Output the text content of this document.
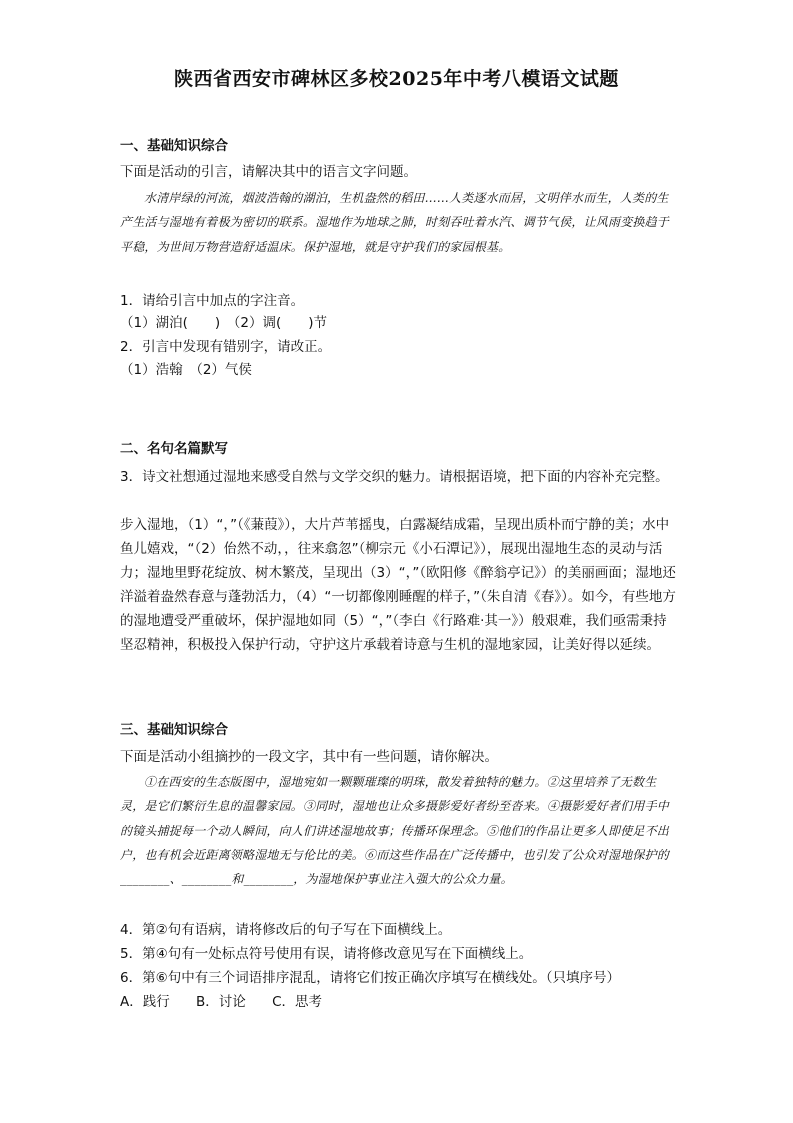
陕西省西安市碑林区多校2025年中考八模语文试题
一、基础知识综合
下面是活动的引言，请解决其中的语言文字问题。
水清岸绿的河流，烟波浩翰的湖泊，生机盎然的稻田……人类逐水而居，文明伴水而生，人类的生产生活与湿地有着极为密切的联系。湿地作为地球之肺，时刻吞吐着水汽、调节气侯，让风雨变换趋于平稳，为世间万物营造舒适温床。保护湿地，就是守护我们的家园根基。
1．请给引言中加点的字注音。
（1）湖泊(　　)　（2）调(　　)节
2．引言中发现有错别字，请改正。
（1）浩翰　（2）气侯
二、名句名篇默写
3．诗文社想通过湿地来感受自然与文学交织的魅力。请根据语境，把下面的内容补充完整。
步入湿地，（1）“，”（《蒹葭》），大片芦苇摇曳，白露凝结成霜，呈现出质朴而宁静的美；水中鱼儿嬉戏，“（2）佁然不动，，往来翕忽”（柳宗元《小石潭记》），展现出湿地生态的灵动与活力；湿地里野花绽放、树木繁茂，呈现出（3）“，”（欧阳修《醉翁亭记》）的美丽画面；湿地还洋溢着盎然春意与蓬勃活力，（4）“一切都像刚睡醒的样子，”（朱自清《春》）。如今，有些地方的湿地遭受严重破坏，保护湿地如同（5）“，”（李白《行路难·其一》）般艰难，我们亟需秉持坚忍精神，积极投入保护行动，守护这片承载着诗意与生机的湿地家园，让美好得以延续。
三、基础知识综合
下面是活动小组摘抄的一段文字，其中有一些问题，请你解决。
①在西安的生态版图中，湿地宛如一颗颗璀璨的明珠，散发着独特的魅力。②这里培养了无数生灵，是它们繁衍生息的温馨家园。③同时，湿地也让众多摄影爱好者纷至沓来。④摄影爱好者们用手中的镜头捕捉每一个动人瞬间，向人们讲述湿地故事；传播环保理念。⑤他们的作品让更多人即使足不出户，也有机会近距离领略湿地无与伦比的美。⑥而这些作品在广泛传播中，也引发了公众对湿地保护的________、________和________，为湿地保护事业注入强大的公众力量。
4．第②句有语病，请将修改后的句子写在下面横线上。
5．第④句有一处标点符号使用有误，请将修改意见写在下面横线上。
6．第⑥句中有三个词语排序混乱，请将它们按正确次序填写在横线处。（只填序号）
A．践行 B．讨论 C．思考
